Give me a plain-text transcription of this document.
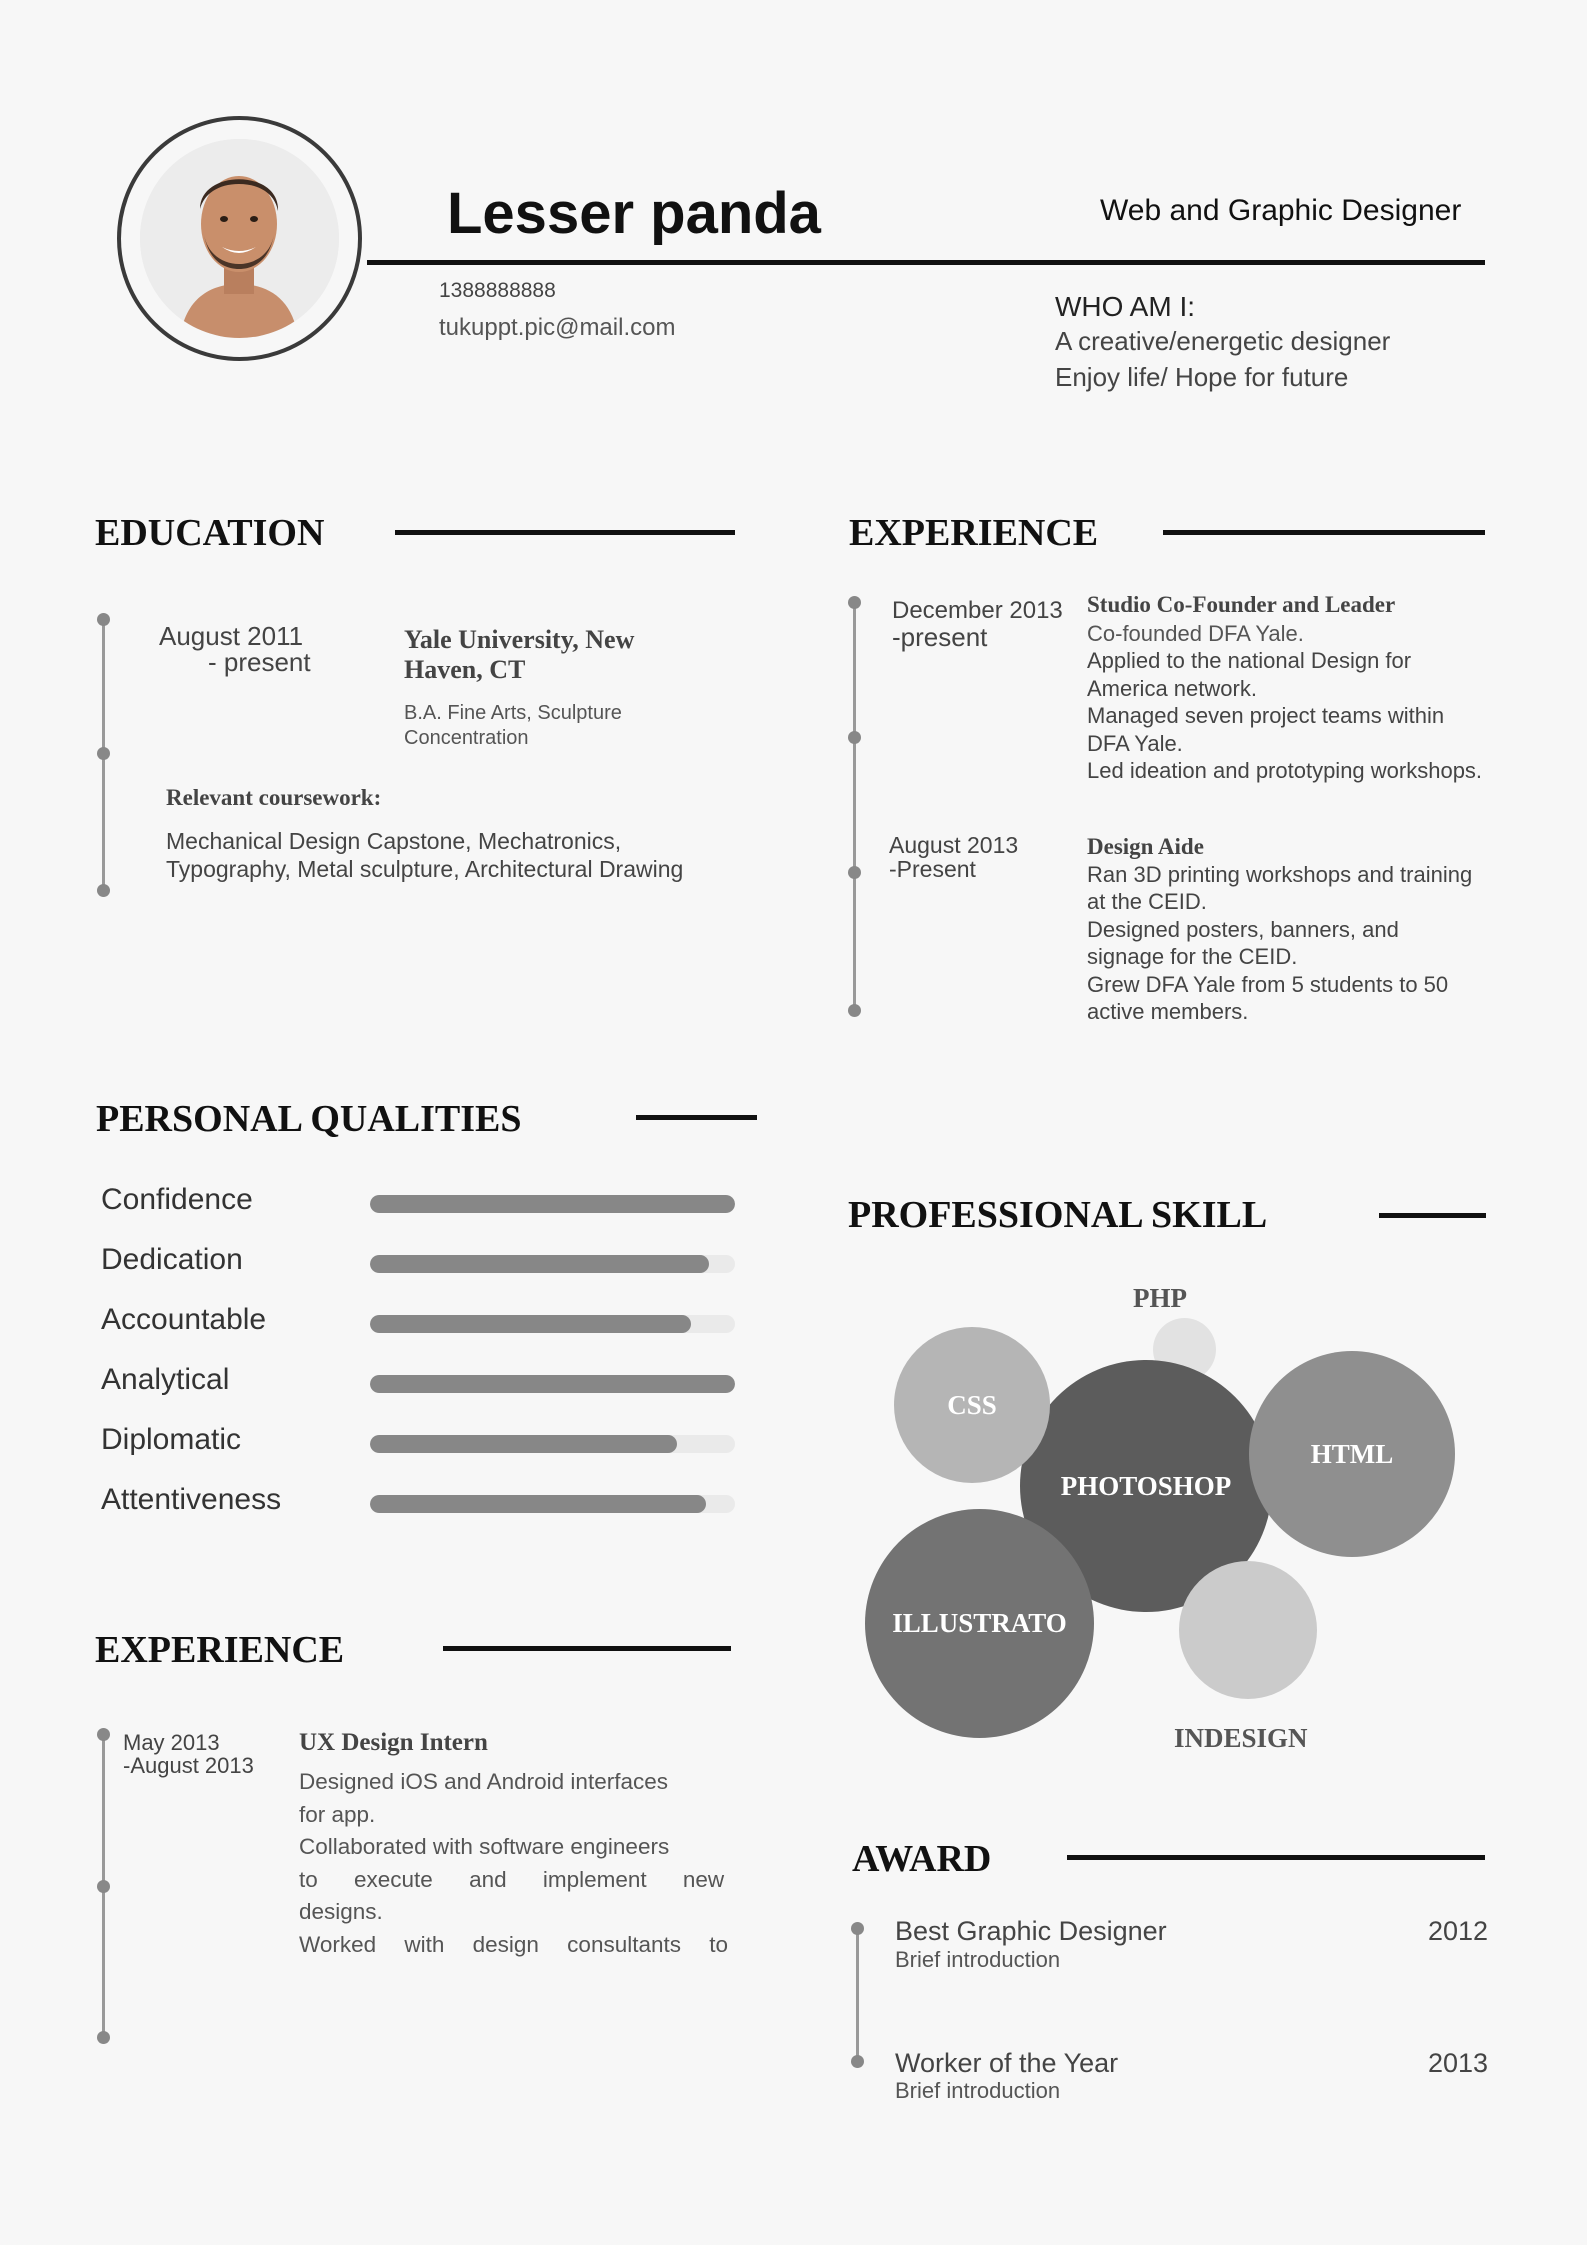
Lesser panda	Web and Graphic Designer

1388888888

tukuppt.pic@mail.com

WHO AM I:

A creative/energetic designer

Enjoy life/ Hope for future

EDUCATION

August 2011

- present

Yale University, New

Haven, CT

B.A. Fine Arts, Sculpture

Concentration

Relevant coursework:

Mechanical Design Capstone, Mechatronics,

Typography, Metal sculpture, Architectural Drawing

EXPERIENCE

December 2013

-present

Studio Co-Founder and Leader

Co-founded DFA Yale.

Applied to the national Design for

America network.

Managed seven project teams within

DFA Yale.

Led ideation and prototyping workshops.

August 2013

-Present

Design Aide

Ran 3D printing workshops and training

at the CEID.

Designed posters, banners, and

signage for the CEID.

Grew DFA Yale from 5 students to 50

active members.

PERSONAL QUALITIES

Confidence

Dedication

Accountable

Analytical

Diplomatic

Attentiveness

PROFESSIONAL SKILL

PHP

PHOTOSHOP
CSS
HTML
ILLUSTRATO

INDESIGN

EXPERIENCE

May 2013

-August 2013

UX Design Intern

Designed iOS and Android interfaces

for app.

Collaborated with software engineers

to execute and implement new

designs.

Worked with design consultants to

AWARD

Best Graphic Designer

Brief introduction

2012

Worker of the Year

Brief introduction

2013
